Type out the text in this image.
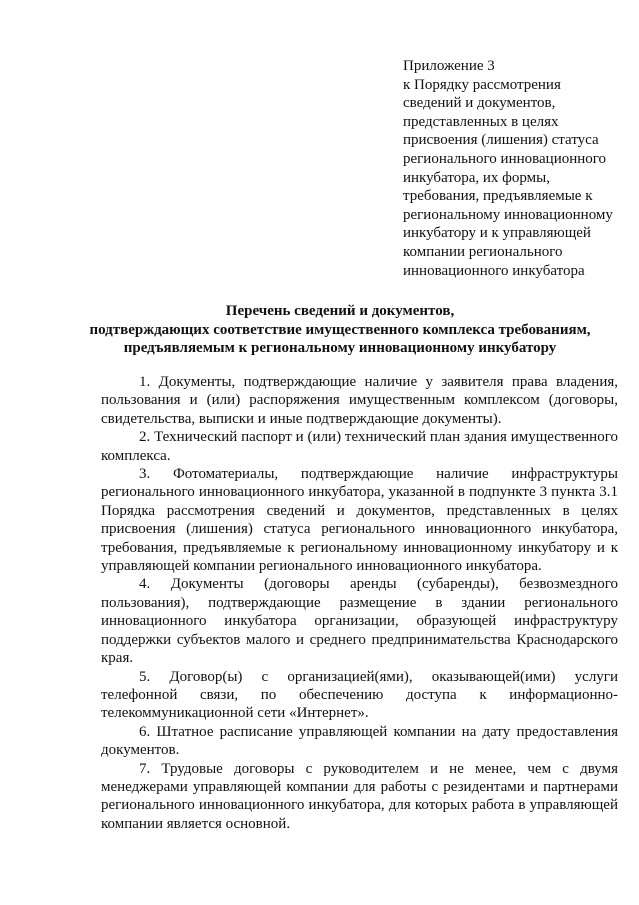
Приложение 3
к Порядку рассмотрения
сведений и документов,
представленных в целях
присвоения (лишения) статуса
регионального инновационного
инкубатора, их формы,
требования, предъявляемые к
региональному инновационному
инкубатору и к управляющей
компании регионального
инновационного инкубатора
Перечень сведений и документов,
подтверждающих соответствие имущественного комплекса требованиям,
предъявляемым к региональному инновационному инкубатору

1. Документы, подтверждающие наличие у заявителя права владения, пользования и (или) распоряжения имущественным комплексом (договоры, свидетельства, выписки и иные подтверждающие документы).

2. Технический паспорт и (или) технический план здания имущественного комплекса.

3. Фотоматериалы, подтверждающие наличие инфраструктуры регионального инновационного инкубатора, указанной в подпункте 3 пункта 3.1 Порядка рассмотрения сведений и документов, представленных в целях присвоения (лишения) статуса регионального инновационного инкубатора, требования, предъявляемые к региональному инновационному инкубатору и к управляющей компании регионального инновационного инкубатора.

4. Документы (договоры аренды (субаренды), безвозмездного пользования), подтверждающие размещение в здании регионального инновационного инкубатора организации, образующей инфраструктуру поддержки субъектов малого и среднего предпринимательства Краснодарского края.

5. Договор(ы) с организацией(ями), оказывающей(ими) услуги телефонной связи, по обеспечению доступа к информационно-телекоммуникационной сети «Интернет».

6. Штатное расписание управляющей компании на дату предоставления документов.

7. Трудовые договоры с руководителем и не менее, чем с двумя менеджерами управляющей компании для работы с резидентами и партнерами регионального инновационного инкубатора, для которых работа в управляющей компании является основной.
